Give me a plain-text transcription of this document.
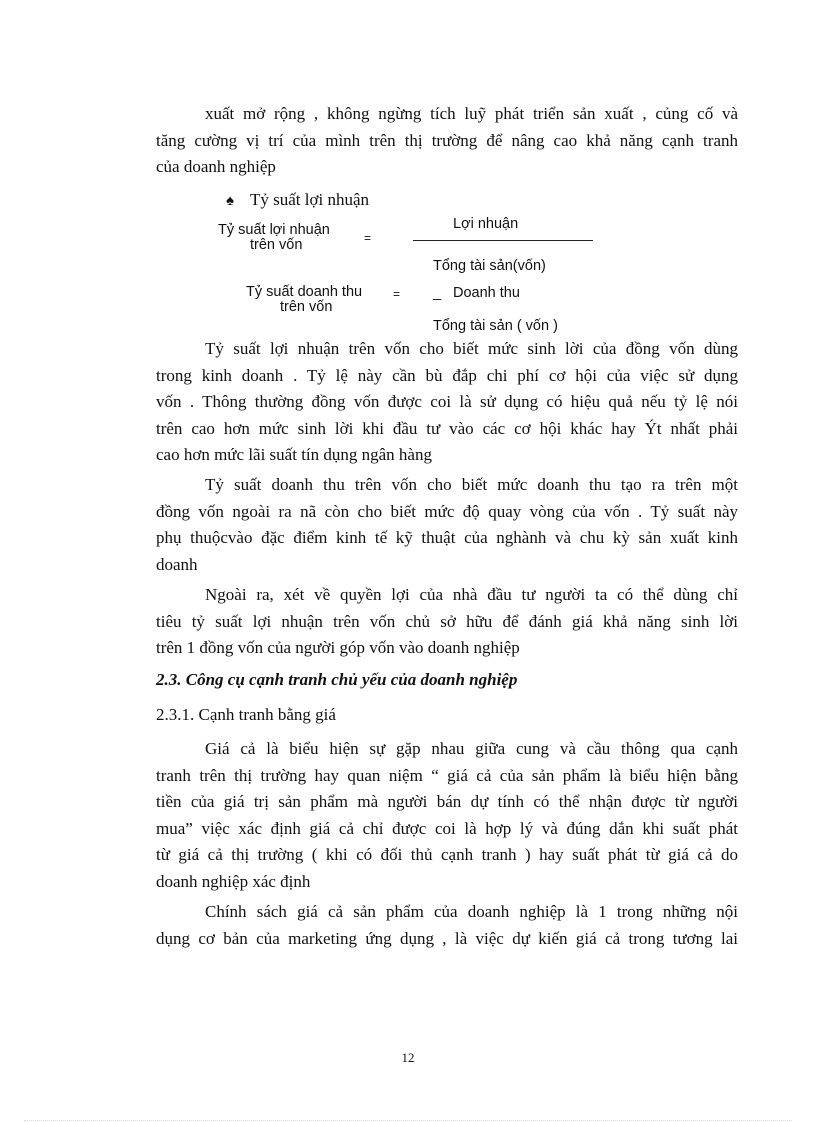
xuất mở rộng , không ngừng tích luỹ phát triển sản xuất , củng cố và
tăng cường vị trí của mình trên thị trường để nâng cao khả năng cạnh tranh
của doanh nghiệp
♠ Tỷ suất lợi nhuận
Tỷ suất lợi nhuận
trên vốn	=
Lợi nhuận
Tổng tài sản(vốn)
Tỷ suất doanh thu
trên vốn
= _ Doanh thu
Tổng tài sản ( vốn )
Tỷ suất lợi nhuận trên vốn cho biết mức sinh lời của đồng vốn dùng
trong kinh doanh . Tỷ lệ này cần bù đắp chi phí cơ hội của việc sử dụng
vốn . Thông thường đồng vốn được coi là sử dụng có hiệu quả nếu tỷ lệ nói
trên cao hơn mức sinh lời khi đầu tư vào các cơ hội khác hay Ýt nhất phải
cao hơn mức lãi suất tín dụng ngân hàng
Tỷ suất doanh thu trên vốn cho biết mức doanh thu tạo ra trên một
đồng vốn ngoài ra nã còn cho biết mức độ quay vòng của vốn . Tỷ suất này
phụ thuộcvào đặc điểm kinh tế kỹ thuật của nghành và chu kỳ sản xuất kinh
doanh
Ngoài ra, xét về quyền lợi của nhà đầu tư người ta có thể dùng chỉ
tiêu tỷ suất lợi nhuận trên vốn chủ sở hữu để đánh giá khả năng sinh lời
trên 1 đồng vốn của người góp vốn vào doanh nghiệp
2.3. Công cụ cạnh tranh chủ yếu của doanh nghiệp
2.3.1. Cạnh tranh bằng giá
Giá cả là biểu hiện sự gặp nhau giữa cung và cầu thông qua cạnh
tranh trên thị trường hay quan niệm “ giá cả của sản phẩm là biểu hiện bằng
tiền của giá trị sản phẩm mà người bán dự tính có thể nhận được từ người
mua” việc xác định giá cả chỉ được coi là hợp lý và đúng dắn khi suất phát
từ giá cả thị trường ( khi có đối thủ cạnh tranh ) hay suất phát từ giá cả do
doanh nghiệp xác định
Chính sách giá cả sản phẩm của doanh nghiệp là 1 trong những nội
dụng cơ bản của marketing ứng dụng , là việc dự kiến giá cả trong tương lai
12
